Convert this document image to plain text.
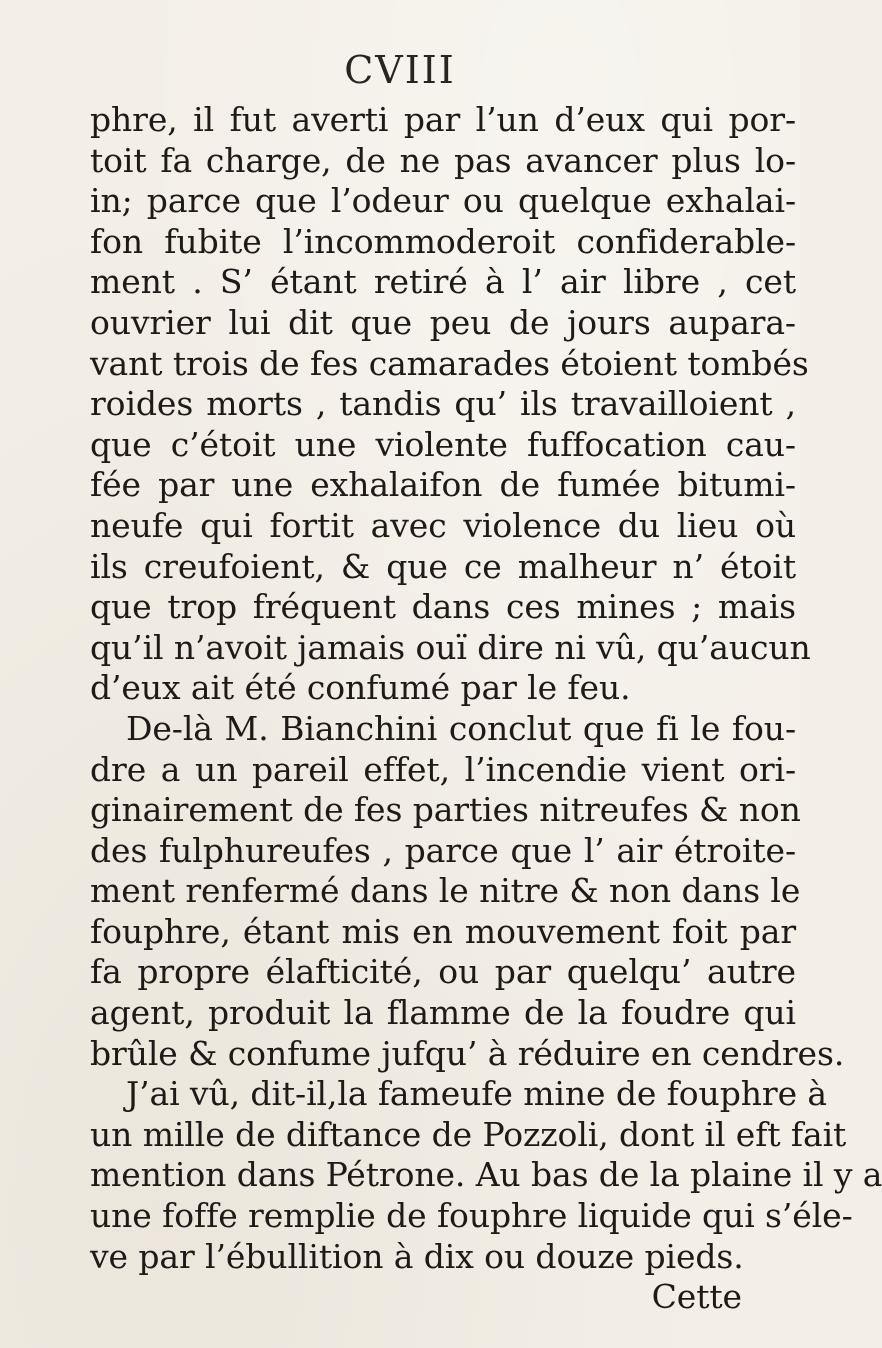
CVIII
phre, il fut averti par l’un d’eux qui por-
toit fa charge, de ne pas avancer plus lo-
in; parce que l’odeur ou quelque exhalai-
fon fubite l’incommoderoit confiderable-
ment . S’ étant retiré à l’ air libre , cet
ouvrier lui dit que peu de jours aupara-
vant trois de fes camarades étoient tombés
roides morts , tandis qu’ ils travailloient ,
que c’étoit une violente fuffocation cau-
fée par une exhalaifon de fumée bitumi-
neufe qui fortit avec violence du lieu où
ils creufoient, & que ce malheur n’ étoit
que trop fréquent dans ces mines ; mais
qu’il n’avoit jamais ouï dire ni vû, qu’aucun
d’eux ait été confumé par le feu.
De-là M. Bianchini conclut que fi le fou-
dre a un pareil effet, l’incendie vient ori-
ginairement de fes parties nitreufes & non
des fulphureufes , parce que l’ air étroite-
ment renfermé dans le nitre & non dans le
fouphre, étant mis en mouvement foit par
fa propre élafticité, ou par quelqu’ autre
agent, produit la flamme de la foudre qui
brûle & confume jufqu’ à réduire en cendres.
J’ai vû, dit-il,la fameufe mine de fouphre à
un mille de diftance de Pozzoli, dont il eft fait
mention dans Pétrone. Au bas de la plaine il y a
une foffe remplie de fouphre liquide qui s’éle-
ve par l’ébullition à dix ou douze pieds.
Cette
